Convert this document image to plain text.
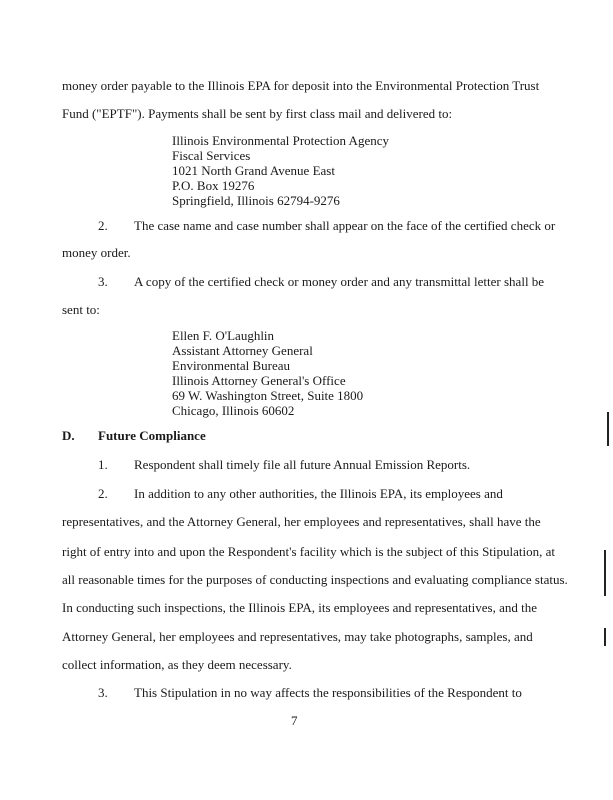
money order payable to the Illinois EPA for deposit into the Environmental Protection Trust
Fund ("EPTF"). Payments shall be sent by first class mail and delivered to:
Illinois Environmental Protection Agency
Fiscal Services
1021 North Grand Avenue East
P.O. Box 19276
Springfield, Illinois 62794-9276
2. The case name and case number shall appear on the face of the certified check or
money order.
3. A copy of the certified check or money order and any transmittal letter shall be
sent to:
Ellen F. O'Laughlin
Assistant Attorney General
Environmental Bureau
Illinois Attorney General's Office
69 W. Washington Street, Suite 1800
Chicago, Illinois 60602
D. Future Compliance
1. Respondent shall timely file all future Annual Emission Reports.
2. In addition to any other authorities, the Illinois EPA, its employees and
representatives, and the Attorney General, her employees and representatives, shall have the
right of entry into and upon the Respondent's facility which is the subject of this Stipulation, at
all reasonable times for the purposes of conducting inspections and evaluating compliance status.
In conducting such inspections, the Illinois EPA, its employees and representatives, and the
Attorney General, her employees and representatives, may take photographs, samples, and
collect information, as they deem necessary.
3. This Stipulation in no way affects the responsibilities of the Respondent to
7
